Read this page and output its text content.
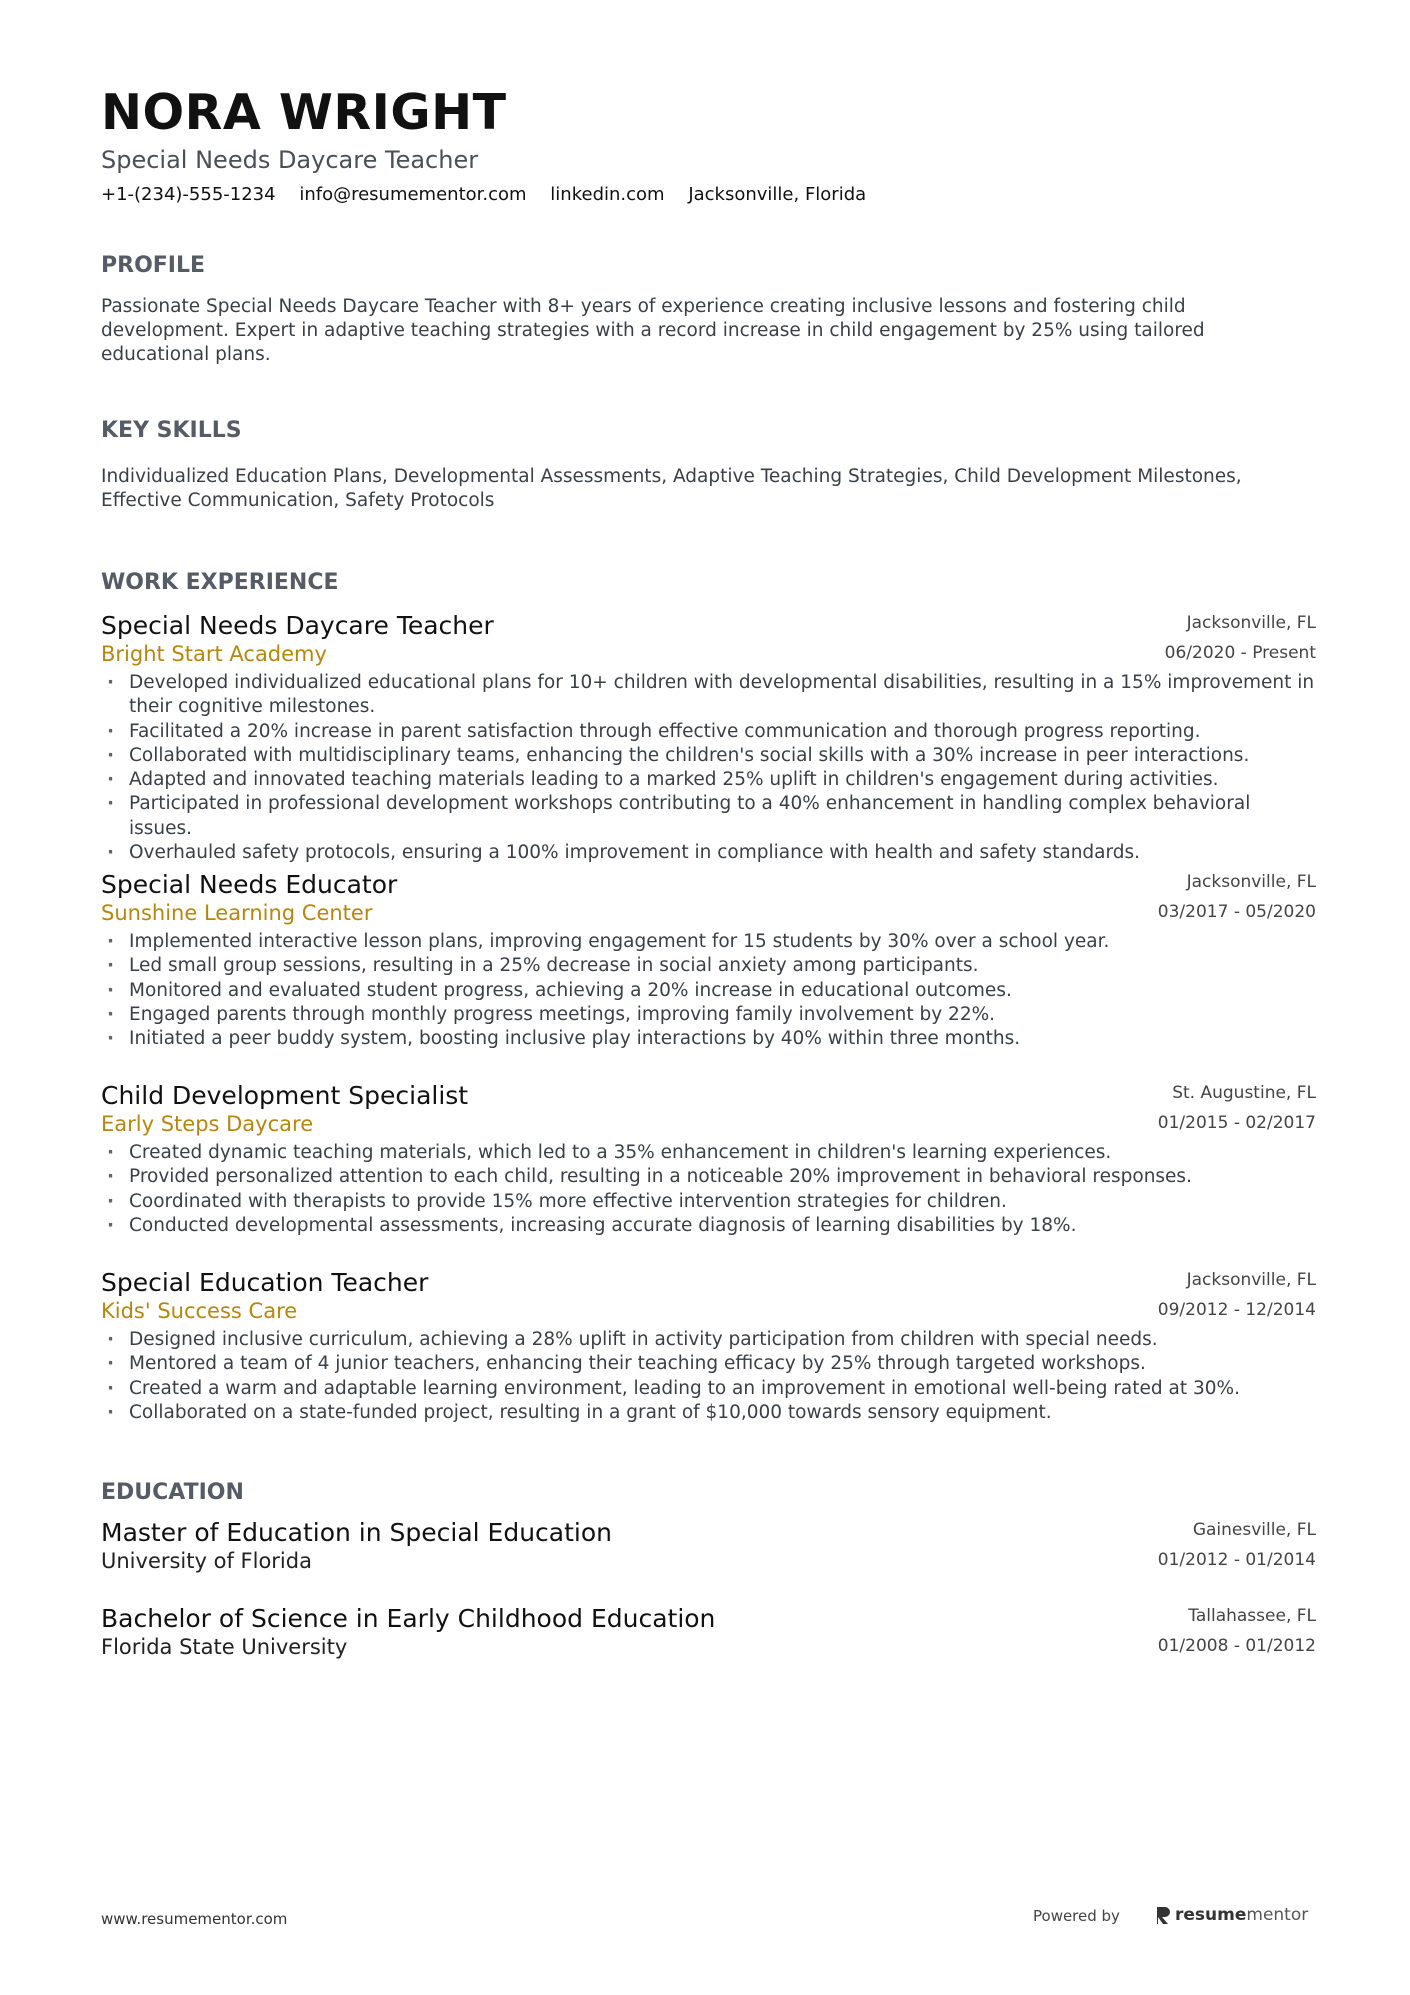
NORA WRIGHT
Special Needs Daycare Teacher
+1-(234)-555-1234 info@resumementor.com linkedin.com Jacksonville, Florida
PROFILE
Passionate Special Needs Daycare Teacher with 8+ years of experience creating inclusive lessons and fostering child development. Expert in adaptive teaching strategies with a record increase in child engagement by 25% using tailored educational plans.
KEY SKILLS
Individualized Education Plans, Developmental Assessments, Adaptive Teaching Strategies, Child Development Milestones, Effective Communication, Safety Protocols
WORK EXPERIENCE
Special Needs Daycare Teacher
Bright Start Academy
Jacksonville, FL
06/2020 - Present
· Developed individualized educational plans for 10+ children with developmental disabilities, resulting in a 15% improvement in their cognitive milestones.
· Facilitated a 20% increase in parent satisfaction through effective communication and thorough progress reporting.
· Collaborated with multidisciplinary teams, enhancing the children's social skills with a 30% increase in peer interactions.
· Adapted and innovated teaching materials leading to a marked 25% uplift in children's engagement during activities.
· Participated in professional development workshops contributing to a 40% enhancement in handling complex behavioral issues.
· Overhauled safety protocols, ensuring a 100% improvement in compliance with health and safety standards.
Special Needs Educator
Sunshine Learning Center
Jacksonville, FL
03/2017 - 05/2020
· Implemented interactive lesson plans, improving engagement for 15 students by 30% over a school year.
· Led small group sessions, resulting in a 25% decrease in social anxiety among participants.
· Monitored and evaluated student progress, achieving a 20% increase in educational outcomes.
· Engaged parents through monthly progress meetings, improving family involvement by 22%.
· Initiated a peer buddy system, boosting inclusive play interactions by 40% within three months.
Child Development Specialist
Early Steps Daycare
St. Augustine, FL
01/2015 - 02/2017
· Created dynamic teaching materials, which led to a 35% enhancement in children's learning experiences.
· Provided personalized attention to each child, resulting in a noticeable 20% improvement in behavioral responses.
· Coordinated with therapists to provide 15% more effective intervention strategies for children.
· Conducted developmental assessments, increasing accurate diagnosis of learning disabilities by 18%.
Special Education Teacher
Kids' Success Care
Jacksonville, FL
09/2012 - 12/2014
· Designed inclusive curriculum, achieving a 28% uplift in activity participation from children with special needs.
· Mentored a team of 4 junior teachers, enhancing their teaching efficacy by 25% through targeted workshops.
· Created a warm and adaptable learning environment, leading to an improvement in emotional well-being rated at 30%.
· Collaborated on a state-funded project, resulting in a grant of $10,000 towards sensory equipment.
EDUCATION
Master of Education in Special Education
University of Florida
Gainesville, FL
01/2012 - 01/2014
Bachelor of Science in Early Childhood Education
Florida State University
Tallahassee, FL
01/2008 - 01/2012
www.resumementor.com	Powered by	resumementor
